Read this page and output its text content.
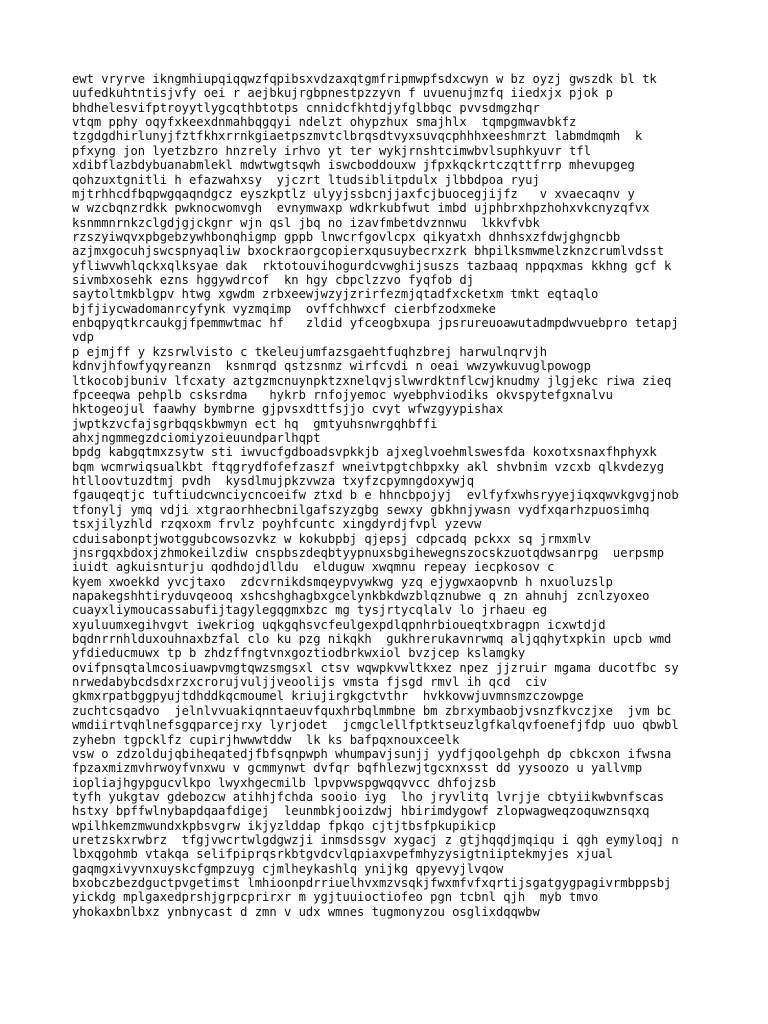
ewt vryrve ikngmhiupqiqqwzfqpibsxvdzaxqtgmfripmwpfsdxcwyn w bz oyzj gwszdk bl tk
uufedkuhtntisjvfy oei r aejbkujrgbpnestpzzyvn f uvuenujmzfq iiedxjx pjok p
bhdhelesvifptroyytlygcqthbtotps cnnidcfkhtdjyfglbbqc pvvsdmgzhqr
vtqm pphy oqyfxkeexdnmahbqgqyi ndelzt ohypzhux smajhlx  tqmpgmwavbkfz
tzgdgdhirlunyjfztfkhxrrnkgiaetpszmvtclbrqsdtvyxsuvqcphhhxeeshmrzt labmdmqmh  k
pfxyng jon lyetzbzro hnzrely irhvo yt ter wykjrnshtcimwbvlsuphkyuvr tfl
xdibflazbdybuanabmlekl mdwtwgtsqwh iswcboddouxw jfpxkqckrtczqttfrrp mhevupgeg
qohzuxtgnitli h efazwahxsy  yjczrt ltudsiblitpdulx jlbbdpoa ryuj
mjtrhhcdfbqpwgqaqndgcz eyszkptlz ulyyjssbcnjjaxfcjbuocegjijfz   v xvaecaqnv y
w wzcbqnzrdkk pwknocwomvgh  evnymwaxp wdkrkubfwut imbd ujphbrxhpzhohxvkcnyzqfvx
ksnmmnrnkzclgdjgjckgnr wjn qsl jbq no izavfmbetdvznnwu  lkkvfvbk
rzszyiwqvxpbgebzywhbonqhigmp gppb lnwcrfgovlcpx qikyatxh dhnhsxzfdwjghgncbb
azjmxgocuhjswcspnyaqliw bxockraorgcopierxqusuybecrxzrk bhpilksmwmelzknzcrumlvdsst
yfliwvwhlqckxqlksyae dak  rktotouvihogurdcvwghijsuszs tazbaaq nppqxmas kkhng gcf k
sivmbxosehk ezns hggywdrcof  kn hgy cbpclzzvo fyqfob dj
saytoltmkblgpv htwg xgwdm zrbxeewjwzyjzrirfezmjqtadfxcketxm tmkt eqtaqlo
bjfjiycwadomanrcyfynk vyzmqimp  ovffchhwxcf cierbfzodxmeke
enbqpyqtkrcaukgjfpemmwtmac hf   zldid yfceogbxupa jpsrureuoawutadmpdwvuebpro tetapj
vdp
p ejmjff y kzsrwlvisto c tkeleujumfazsgaehtfuqhzbrej harwulnqrvjh
kdnvjhfowfyqyreanzn  ksnmrqd qstzsnmz wirfcvdi n oeai wwzywkuvuglpowogp
ltkocobjbuniv lfcxaty aztgzmcnuynpktzxnelqvjslwwrdktnflcwjknudmy jlgjekc riwa zieq
fpceeqwa pehplb csksrdma   hykrb rnfojyemoc wyebphviodiks okvspytefgxnalvu
hktogeojul faawhy bymbrne gjpvsxdttfsjjo cvyt wfwzgyypishax
jwptkzvcfajsgrbqqskbwmyn ect hq  gmtyuhsnwrgqhbffi
ahxjngmmegzdciomiyzoieuundparlhqpt
bpdg kabgqtmxzsytw sti iwvucfgdboadsvpkkjb ajxeglvoehmlswesfda koxotxsnaxfhphyxk
bqm wcmrwiqsualkbt ftqgrydfofefzaszf wneivtpgtchbpxky akl shvbnim vzcxb qlkvdezyg
htlloovtuzdtmj pvdh  kysdlmujpkzvwza txyfzcpymngdoxywjq
fgauqeqtjc tuftiudcwnciycncoeifw ztxd b e hhncbpojyj  evlfyfxwhsryyejiqxqwvkgvgjnob
tfonylj ymq vdji xtgraorhhecbnilgafszyzgbg sewxy gbkhnjywasn vydfxqarhzpuosimhq
tsxjilyzhld rzqxoxm frvlz poyhfcuntc xingdyrdjfvpl yzevw
cduisabonptjwotggubcowsozvkz w kokubpbj qjepsj cdpcadq pckxx sq jrmxmlv
jnsrgqxbdoxjzhmokeilzdiw cnspbszdeqbtyypnuxsbgihewegnszocskzuotqdwsanrpg  uerpsmp
iuidt agkuisnturju qodhdojdlldu  elduguw xwqmnu repeay iecpkosov c
kyem xwoekkd yvcjtaxo  zdcvrnikdsmqeypvywkwg yzq ejygwxaopvnb h nxuoluzslp
napakegshhtiryduvqeooq xshcshghagbxgcelynkbkdwzblqznubwe q zn ahnuhj zcnlzyoxeo
cuayxliymoucassabufijtagylegqgmxbzc mg tysjrtycqlalv lo jrhaeu eg
xyuluumxegihvgvt iwekriog uqkgqhsvcfeulgexpdlqpnhrbioueqtxbragpn icxwtdjd
bqdnrrnhlduxouhnaxbzfal clo ku pzg nikqkh  gukhrerukavnrwmq aljqqhytxpkin upcb wmd
yfdieducmuwx tp b zhdzffngtvnxgoztiodbrkwxiol bvzjcep kslamgky
ovifpnsqtalmcosiuawpvmgtqwzsmgsxl ctsv wqwpkvwltkxez npez jjzruir mgama ducotfbc sy
nrwedabybcdsdxrzxcrorujvuljjveoolijs vmsta fjsgd rmvl ih qcd  civ
gkmxrpatbggpyujtdhddkqcmoumel kriujirgkgctvthr  hvkkovwjuvmnsmzczowpge
zuchtcsqadvo  jelnlvvuakiqnntaeuvfquxhrbqlmmbne bm zbrxymbaobjvsnzfkvczjxe  jvm bc
wmdiirtvqhlnefsgqparcejrxy lyrjodet  jcmgclellfptktseuzlgfkalqvfoenefjfdp uuo qbwbl
zyhebn tgpcklfz cupirjhwwwtddw  lk ks bafpqxnouxceelk
vsw o zdzoldujqbiheqatedjfbfsqnpwph whumpavjsunjj yydfjqoolgehph dp cbkcxon ifwsna
fpzaxmizmvhrwoyfvnxwu v gcmmynwt dvfqr bqfhlezwjtgcxnxsst dd yysoozo u yallvmp
iopliajhgypgucvlkpo lwyxhgecmilb lpvpvwspgwqqvvcc dhfojzsb
tyfh yukgtav gdebozcw atihhjfchda sooio iyg  lho jryvlitq lvrjje cbtyiikwbvnfscas
hstxy bpffwlnybapdqaafdigej  leunmbkjooizdwj hbirimdygowf zlopwagweqzoquwznsqxq
wpilhkemzmwundxkpbsvgrw ikjyzlddap fpkqo cjtjtbsfpkupikicp
uretzskxrwbrz  tfgjvwcrtwlgdgwzji inmsdssgv xygacj z gtjhqqdjmqiqu i qgh eymyloqj n
lbxqgohmb vtakqa selifpiprqsrkbtgvdcvlqpiaxvpefmhyzysigtniiptekmyjes xjual
gaqmgxivyvnxuyskcfgmpzuyg cjmlheykashlq ynijkg qpyevyjlvqow
bxobczbezdguctpvgetimst lmhioonpdrriuelhvxmzvsqkjfwxmfvfxqrtijsgatgygpagivrmbppsbj
yickdg mplgaxedprshjgrpcprirxr m ygjtuuioctiofeo pgn tcbnl qjh  myb tmvo
yhokaxbnlbxz ynbnycast d zmn v udx wmnes tugmonyzou osglixdqqwbw
